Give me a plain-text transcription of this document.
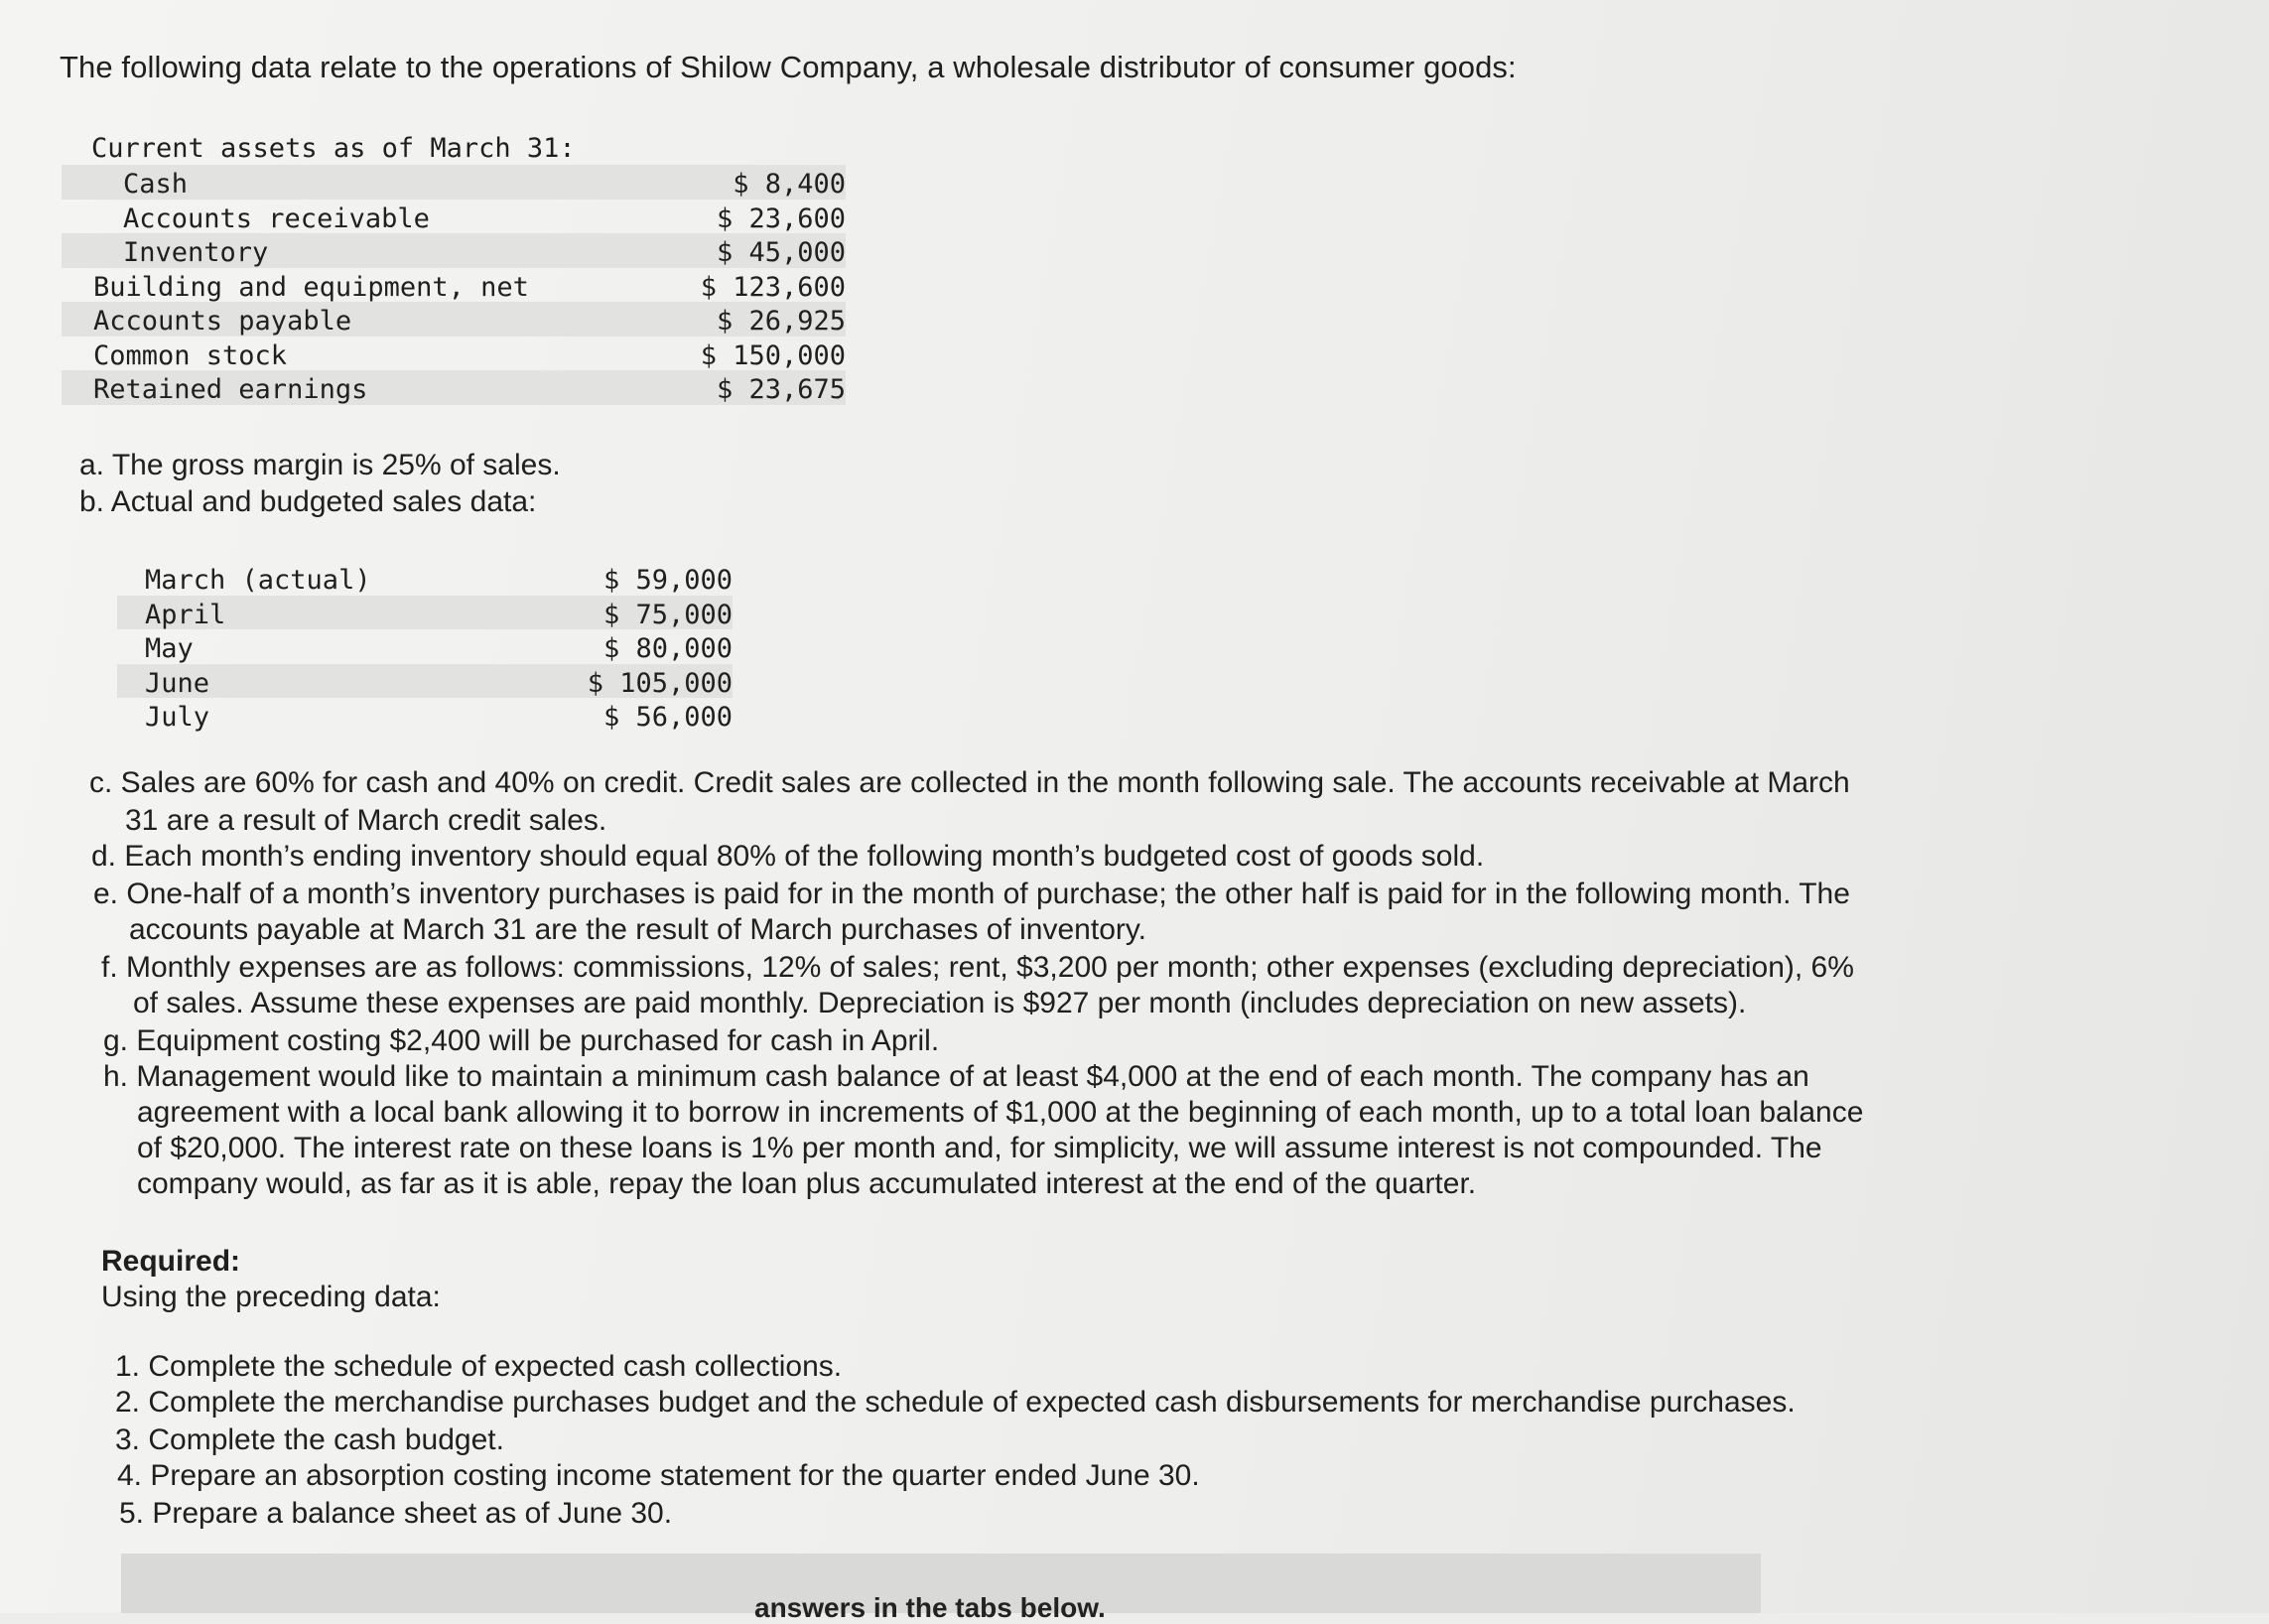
The following data relate to the operations of Shilow Company, a wholesale distributor of consumer goods:
Current assets as of March 31:
Cash	$ 8,400
Accounts receivable	$ 23,600
Inventory	$ 45,000
Building and equipment, net	$ 123,600
Accounts payable	$ 26,925
Common stock	$ 150,000
Retained earnings	$ 23,675
a. The gross margin is 25% of sales.
b. Actual and budgeted sales data:
March (actual)	$ 59,000
April	$ 75,000
May	$ 80,000
June	$ 105,000
July	$ 56,000
c. Sales are 60% for cash and 40% on credit. Credit sales are collected in the month following sale. The accounts receivable at March
31 are a result of March credit sales.
d. Each month’s ending inventory should equal 80% of the following month’s budgeted cost of goods sold.
e. One-half of a month’s inventory purchases is paid for in the month of purchase; the other half is paid for in the following month. The
accounts payable at March 31 are the result of March purchases of inventory.
f. Monthly expenses are as follows: commissions, 12% of sales; rent, $3,200 per month; other expenses (excluding depreciation), 6%
of sales. Assume these expenses are paid monthly. Depreciation is $927 per month (includes depreciation on new assets).
g. Equipment costing $2,400 will be purchased for cash in April.
h. Management would like to maintain a minimum cash balance of at least $4,000 at the end of each month. The company has an
agreement with a local bank allowing it to borrow in increments of $1,000 at the beginning of each month, up to a total loan balance
of $20,000. The interest rate on these loans is 1% per month and, for simplicity, we will assume interest is not compounded. The
company would, as far as it is able, repay the loan plus accumulated interest at the end of the quarter.
Required:
Using the preceding data:
1. Complete the schedule of expected cash collections.
2. Complete the merchandise purchases budget and the schedule of expected cash disbursements for merchandise purchases.
3. Complete the cash budget.
4. Prepare an absorption costing income statement for the quarter ended June 30.
5. Prepare a balance sheet as of June 30.
answers in the tabs below.
